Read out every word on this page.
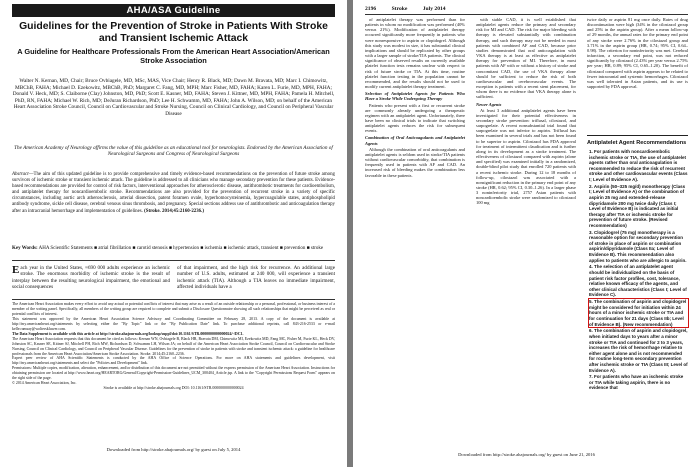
AHA/ASA Guideline
Guidelines for the Prevention of Stroke in Patients With Stroke and Transient Ischemic Attack
A Guideline for Healthcare Professionals From the American Heart Association/American Stroke Association
Walter N. Kernan, MD, Chair; Bruce Ovbiagele, MD, MSc, MAS, Vice Chair; Henry R. Black, MD; Dawn M. Bravata, MD; Marc I. Chimowitz, MBChB, FAHA; Michael D. Ezekowitz, MBChB, PhD; Margaret C. Fang, MD, MPH; Marc Fisher, MD, FAHA; Karen L. Furie, MD, MPH, FAHA; Donald V. Heck, MD; S. Claiborne (Clay) Johnston, MD, PhD; Scott E. Kasner, MD, FAHA; Steven J. Kittner, MD, MPH, FAHA; Pamela H. Mitchell, PhD, RN, FAHA; Michael W. Rich, MD; DeJuran Richardson, PhD; Lee H. Schwamm, MD, FAHA; John A. Wilson, MD; on behalf of the American Heart Association Stroke Council, Council on Cardiovascular and Stroke Nursing, Council on Clinical Cardiology, and Council on Peripheral Vascular Disease
The American Academy of Neurology affirms the value of this guideline as an educational tool for neurologists. Endorsed by the American Association of Neurological Surgeons and Congress of Neurological Surgeons
Abstract—The aim of this updated guideline is to provide comprehensive and timely evidence-based recommendations on the prevention of future stroke among survivors of ischemic stroke or transient ischemic attack. The guideline is addressed to all clinicians who manage secondary prevention for these patients. Evidence-based recommendations are provided for control of risk factors, interventional approaches for atherosclerotic disease, antithrombotic treatments for cardioembolism, and antiplatelet therapy for noncardioembolic stroke. Recommendations are also provided for the prevention of recurrent stroke in a variety of specific circumstances, including aortic arch atherosclerosis, arterial dissection, patent foramen ovale, hyperhomocysteinemia, hypercoagulable states, antiphospholipid antibody syndrome, sickle cell disease, cerebral venous sinus thrombosis, and pregnancy. Special sections address use of antithrombotic and anticoagulation therapy after an intracranial hemorrhage and implementation of guidelines. (Stroke. 2014;45:2160-2236.)
Key Words: AHA Scientific Statements ■ atrial fibrillation ■ carotid stenosis ■ hypertension ■ ischemia ■ ischemic attack, transient ■ prevention ■ stroke
Each year in the United States, ≈690 000 adults experience an ischemic stroke. The enormous morbidity of ischemic stroke is the result of interplay between the resulting neurological impairment, the emotional and social consequences
of that impairment, and the high risk for recurrence. An additional large number of U.S. adults, estimated at 240 000, will experience a transient ischemic attack (TIA). Although a TIA leaves no immediate impairment, affected individuals have a

The American Heart Association makes every effort to avoid any actual or potential conflicts of interest that may arise as a result of an outside relationship or a personal, professional, or business interest of a member of the writing panel. Specifically, all members of the writing group are required to complete and submit a Disclosure Questionnaire showing all such relationships that might be perceived as real or potential conflicts of interest.

This statement was approved by the American Heart Association Science Advisory and Coordinating Committee on February 28, 2013. A copy of the document is available at http://my.americanheart.org/statements by selecting either the "By Topic" link or the "By Publication Date" link. To purchase additional reprints, call 843-216-2533 or e-mail kelle.ramsay@wolterskluwer.com.

The Data Supplement is available with this article at http://stroke.ahajournals.org/lookup/suppl/doi:10.1161/STR.0000000000000024/-/DC1.

The American Heart Association requests that this document be cited as follows: Kernan WN, Ovbiagele B, Black HR, Bravata DM, Chimowitz MI, Ezekowitz MD, Fang MC, Fisher M, Furie KL, Heck DV, Johnston SC, Kasner SE, Kittner SJ, Mitchell PH, Rich MW, Richardson D, Schwamm LH, Wilson JA; on behalf of the American Heart Association Stroke Council, Council on Cardiovascular and Stroke Nursing, Council on Clinical Cardiology, and Council on Peripheral Vascular Disease. Guidelines for the prevention of stroke in patients with stroke and transient ischemic attack: a guideline for healthcare professionals from the American Heart Association/American Stroke Association. Stroke. 2014;45:2160–2236.

Expert peer review of AHA Scientific Statements is conducted by the AHA Office of Science Operations. For more on AHA statements and guidelines development, visit http://my.americanheart.org/statements and select the "Policies and Development" link.

Permissions: Multiple copies, modification, alteration, enhancement, and/or distribution of this document are not permitted without the express permission of the American Heart Association. Instructions for obtaining permission are located at http://www.heart.org/HEARTORG/General/Copyright-Permission-Guidelines_UCM_300404_Article.jsp. A link to the "Copyright Permissions Request Form" appears on the right side of the page.

© 2014 American Heart Association, Inc.

Stroke is available at http://stroke.ahajournals.org DOI: 10.1161/STR.0000000000000024

Downloaded from http://stroke.ahajournals.org/ by guest on July 5, 2014
2196	Stroke	July 2014

of antiplatelet therapy was performed than for patients in whom no modification was performed (40% versus 21%). Modification of antiplatelet therapy occurred significantly more frequently in patients who were nonresponsive to aspirin or clopidogrel. Although this study was modest in size, it has substantial clinical implications and should be replicated by other groups with a larger sample of stroke/TIA patients. The clinical significance of observed results on currently available platelet function tests remains unclear with respect to risk of future stroke or TIA. At this time, routine platelet function testing in the population cannot be recommended, and the results should not be used to modify current antiplatelet therapy treatment.

Selection of Antiplatelet Agents for Patients Who Have a Stroke While Undergoing Therapy

Patients who present with a first or recurrent stroke are commonly already undergoing a therapeutic regimen with an antiplatelet agent. Unfortunately, there have been no clinical trials to indicate that switching antiplatelet agents reduces the risk for subsequent events.

Combination of Oral Anticoagulants and Antiplatelet Agents

Although the combination of oral anticoagulants and antiplatelet agents is seldom used in stroke/TIA patients without cardiovascular comorbidity, that combination is frequently used in patients with AF and CAD. An increased risk of bleeding makes the combination less favorable in these patients.

with stable CAD, it is well established that antiplatelet agents reduce the primary and secondary risk for MI and CAD. The risk for major bleeding with therapy is elevated substantially with combination therapy, and such therapy may not be needed in most patients with combined AF and CAD, because prior studies demonstrated that oral anticoagulation with VKA therapy is at least as effective as antiplatelet therapy for prevention of MI. Therefore, in most patients with AF with or without a history of stroke and concomitant CAD, the use of VKA therapy alone should be sufficient to reduce the risk of both cardiovascular and cerebrovascular events. The exception is patients with a recent stent placement, for whom there is no evidence that VKA therapy alone is sufficient.

Newer Agents

At least 3 additional antiplatelet agents have been investigated for their potential effectiveness in secondary stroke prevention: triflusal, cilostazol, and sarpogrelate. A recent nonsubstantial trial found that sarpogrelate was not inferior to aspirin. Triflusal has been examined in several trials and has not been found to be superior to aspirin. Cilostazol has FDA approval for treatment of intermittent claudication and is further along in its development as a stroke treatment. The effectiveness of cilostazol compared with aspirin (alone and specified) was examined initially in a randomized, double-blind pilot study that enrolled 720 patients with a recent ischemic stroke. During 12 to 18 months of follow-up, cilostazol was associated with a nonsignificant reduction in the primary end point of any stroke (HR, 0.62; 95% CI, 0.30–1.26). In a larger phase 3 noninferiority trial, 2757 Asian patients with noncardioembolic stroke were randomized to cilostazol 100 mg

twice daily or aspirin 81 mg once daily. Rates of drug discontinuation were high (34% in the cilostazol group and 25% in the aspirin group). After a mean follow-up of 29 months, the annual rates for the primary end point of any stroke were 2.76% in the cilostazol group and 3.71% in the aspirin group (HR, 0.74; 95% CI, 0.64–0.98). The criterion for noninferiority was met. Cerebral infarction, a secondary end point, was not reduced significantly by cilostazol (2.43% per year versus 2.75% per year; HR, 0.89; 95% CI, 0.65–1.20). The benefit of cilostazol compared with aspirin appears to be related to fewer intracranial and systemic hemorrhages. Cilostazol was well tolerated in Asian patients, and its use is supported by FDA approval.

Antiplatelet Agent Recommendations
1. For patients with noncardioembolic ischemic stroke or TIA, the use of antiplatelet agents rather than oral anticoagulation is recommended to reduce the risk of recurrent stroke and other cardiovascular events (Class I; Level of Evidence A).
2. Aspirin (50–325 mg/d) monotherapy (Class I; Level of Evidence A) or the combination of aspirin 25 mg and extended-release dipyridamole 200 mg twice daily (Class I; Level of Evidence B) is indicated as initial therapy after TIA or ischemic stroke for prevention of future stroke. (Revised recommendation)
3. Clopidogrel (75 mg) monotherapy is a reasonable option for secondary prevention of stroke in place of aspirin or combination aspirin/dipyridamole (Class IIa; Level of Evidence B). This recommendation also applies to patients who are allergic to aspirin.
4. The selection of an antiplatelet agent should be individualized on the basis of patient risk factor profiles, cost, tolerance, relative known efficacy of the agents, and other clinical characteristics (Class I; Level of Evidence C).
5. The combination of aspirin and clopidogrel might be considered for initiation within 24 hours of a minor ischemic stroke or TIA and for continuation for 21 days (Class IIb; Level of Evidence B). (New recommendation)
6. The combination of aspirin and clopidogrel, when initiated days to years after a minor stroke or TIA and continued for 2 to 3 years, increases the risk of hemorrhage relative to either agent alone and is not recommended for routine long-term secondary prevention after ischemic stroke or TIA (Class III; Level of Evidence A).
7. For patients who have an ischemic stroke or TIA while taking aspirin, there is no evidence that
Downloaded from http://stroke.ahajournals.org/ by guest on June 21, 2016
